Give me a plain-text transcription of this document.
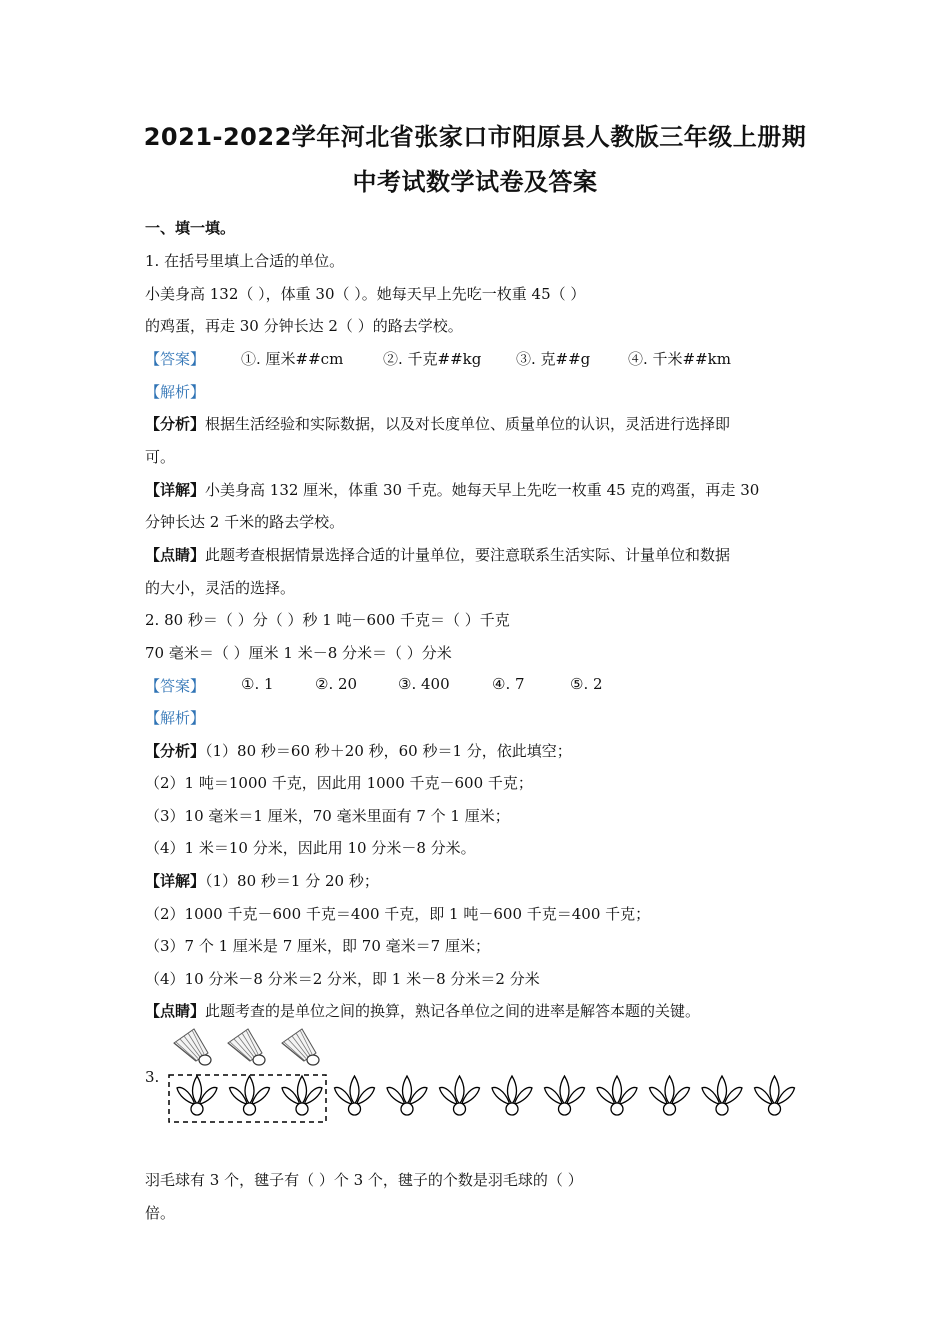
2021-2022学年河北省张家口市阳原县人教版三年级上册期
中考试数学试卷及答案
一、填一填。
1. 在括号里填上合适的单位。
小美身高 132（ ），体重 30（ ）。她每天早上先吃一枚重 45（ ）
的鸡蛋，再走 30 分钟长达 2（ ）的路去学校。
【答案】	①. 厘米##cm	②. 千克##kg	③. 克##g	④. 千米##km
【解析】
【分析】根据生活经验和实际数据，以及对长度单位、质量单位的认识，灵活进行选择即
可。
【详解】小美身高 132 厘米，体重 30 千克。她每天早上先吃一枚重 45 克的鸡蛋，再走 30
分钟长达 2 千米的路去学校。
【点睛】此题考查根据情景选择合适的计量单位，要注意联系生活实际、计量单位和数据
的大小，灵活的选择。
2. 80 秒＝（ ）分（ ）秒 1 吨－600 千克＝（ ）千克
70 毫米＝（ ）厘米 1 米－8 分米＝（ ）分米
【答案】	①. 1	②. 20	③. 400	④. 7	⑤. 2
【解析】
【分析】（1）80 秒＝60 秒＋20 秒，60 秒＝1 分，依此填空；
（2）1 吨＝1000 千克，因此用 1000 千克－600 千克；
（3）10 毫米＝1 厘米，70 毫米里面有 7 个 1 厘米；
（4）1 米＝10 分米，因此用 10 分米－8 分米。
【详解】（1）80 秒＝1 分 20 秒；
（2）1000 千克－600 千克＝400 千克，即 1 吨－600 千克＝400 千克；
（3）7 个 1 厘米是 7 厘米，即 70 毫米＝7 厘米；
（4）10 分米－8 分米＝2 分米，即 1 米－8 分米＝2 分米
【点睛】此题考查的是单位之间的换算，熟记各单位之间的进率是解答本题的关键。
3.
羽毛球有 3 个，毽子有（ ）个 3 个，毽子的个数是羽毛球的（ ）
倍。
